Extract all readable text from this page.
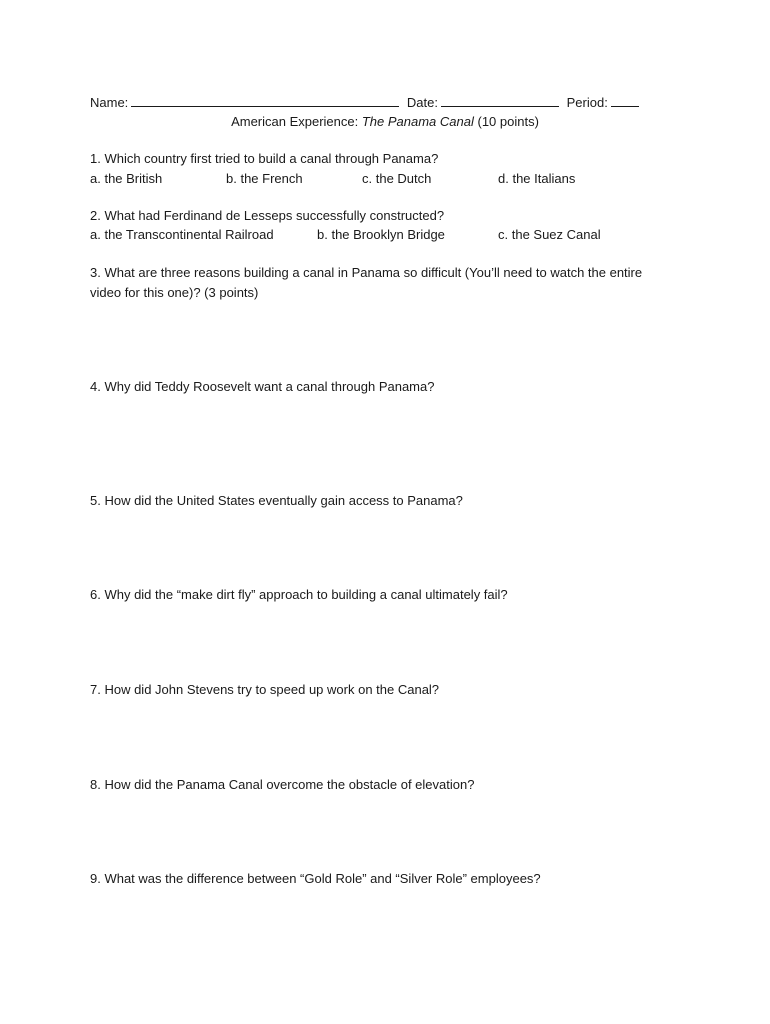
Name:	Date:	Period:
American Experience: The Panama Canal (10 points)
1. Which country first tried to build a canal through Panama?
a. the British	b. the French	c. the Dutch	d. the Italians
2. What had Ferdinand de Lesseps successfully constructed?
a. the Transcontinental Railroad	b. the Brooklyn Bridge	c. the Suez Canal
3. What are three reasons building a canal in Panama so difficult (You’ll need to watch the entire video for this one)? (3 points)
4. Why did Teddy Roosevelt want a canal through Panama?
5. How did the United States eventually gain access to Panama?
6. Why did the “make dirt fly” approach to building a canal ultimately fail?
7. How did John Stevens try to speed up work on the Canal?
8. How did the Panama Canal overcome the obstacle of elevation?
9. What was the difference between “Gold Role” and “Silver Role” employees?
